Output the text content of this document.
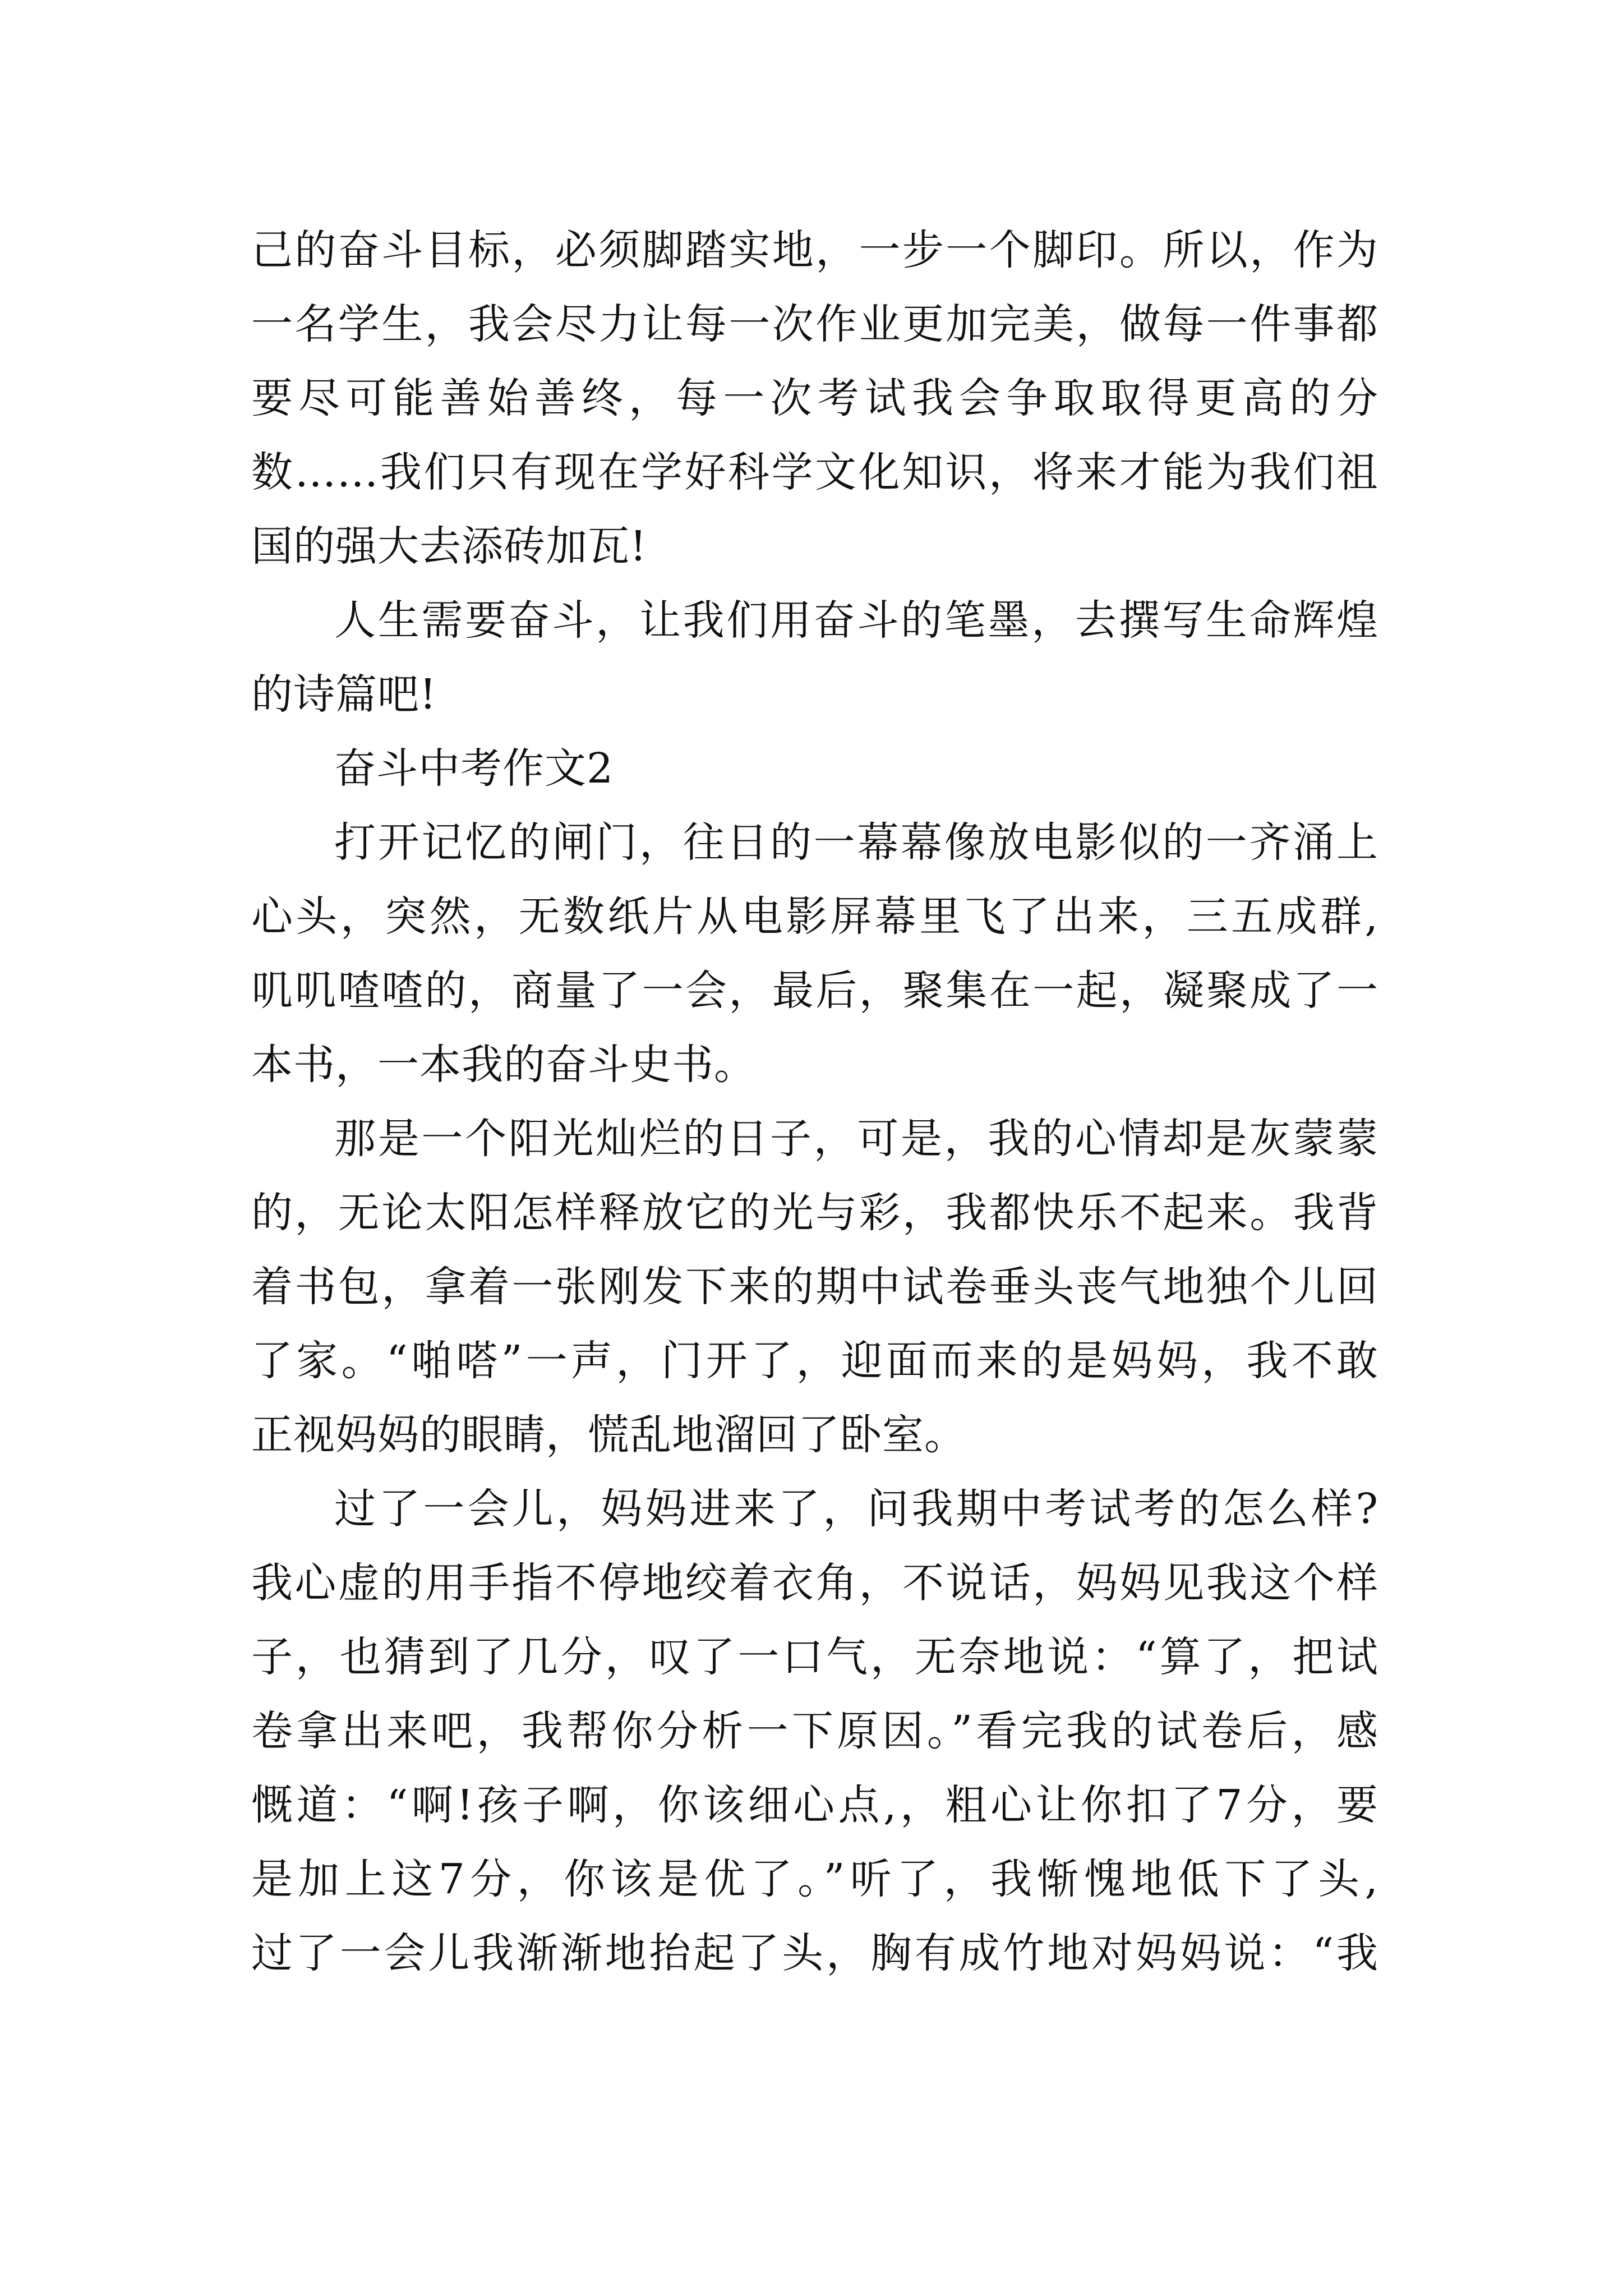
己的奋斗目标，必须脚踏实地，一步一个脚印。所以，作为
一名学生，我会尽力让每一次作业更加完美，做每一件事都
要尽可能善始善终，每一次考试我会争取取得更高的分
数……我们只有现在学好科学文化知识，将来才能为我们祖
国的强大去添砖加瓦!
人生需要奋斗，让我们用奋斗的笔墨，去撰写生命辉煌
的诗篇吧!
奋斗中考作文2
打开记忆的闸门，往日的一幕幕像放电影似的一齐涌上
心头，突然，无数纸片从电影屏幕里飞了出来，三五成群,
叽叽喳喳的，商量了一会，最后，聚集在一起，凝聚成了一
本书，一本我的奋斗史书。
那是一个阳光灿烂的日子，可是，我的心情却是灰蒙蒙
的，无论太阳怎样释放它的光与彩，我都快乐不起来。我背
着书包，拿着一张刚发下来的期中试卷垂头丧气地独个儿回
了家。“啪嗒”一声，门开了，迎面而来的是妈妈，我不敢
正视妈妈的眼睛，慌乱地溜回了卧室。
过了一会儿，妈妈进来了，问我期中考试考的怎么样?
我心虚的用手指不停地绞着衣角，不说话，妈妈见我这个样
子，也猜到了几分，叹了一口气，无奈地说：“算了，把试
卷拿出来吧，我帮你分析一下原因。”看完我的试卷后，感
慨道：“啊!孩子啊，你该细心点,，粗心让你扣了7分，要
是加上这7分，你该是优了。”听了，我惭愧地低下了头,
过了一会儿我渐渐地抬起了头，胸有成竹地对妈妈说：“我
